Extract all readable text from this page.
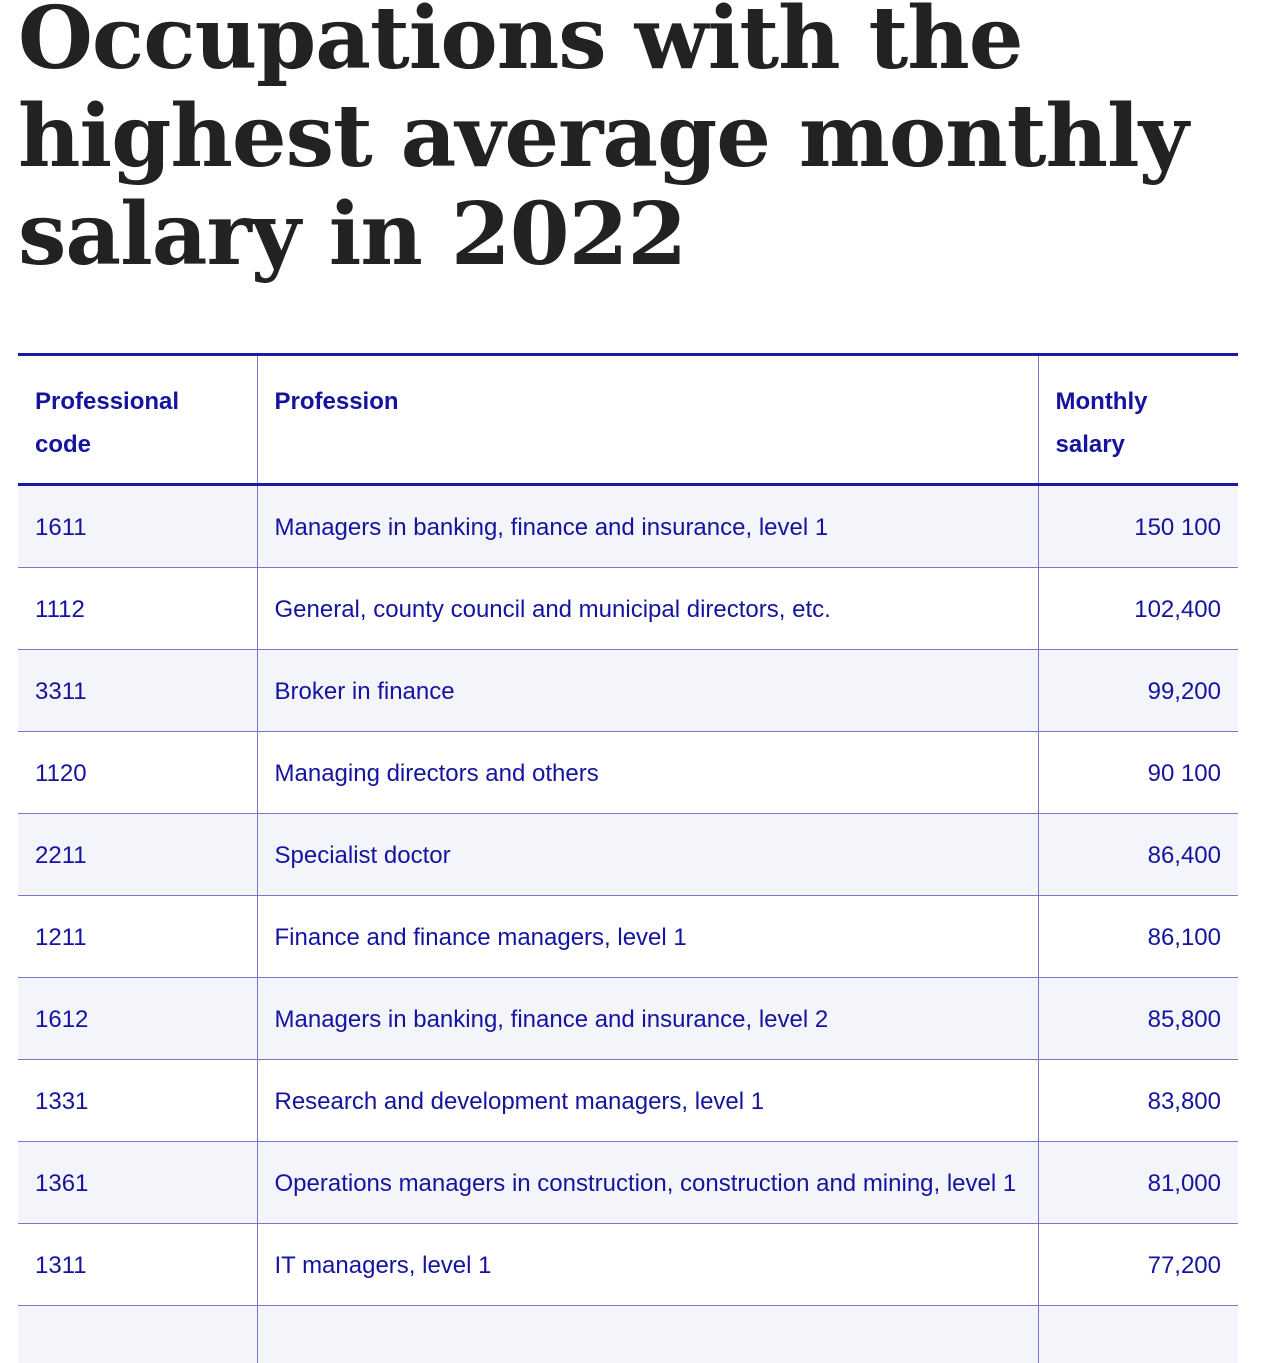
Occupations with the highest average monthly salary in 2022
Professional code	Profession	Monthly salary
1611	Managers in banking, finance and insurance, level 1	150 100
1112	General, county council and municipal directors, etc.	102,400
3311	Broker in finance	99,200
1120	Managing directors and others	90 100
2211	Specialist doctor	86,400
1211	Finance and finance managers, level 1	86,100
1612	Managers in banking, finance and insurance, level 2	85,800
1331	Research and development managers, level 1	83,800
1361	Operations managers in construction, construction and mining, level 1	81,000
1311	IT managers, level 1	77,200
